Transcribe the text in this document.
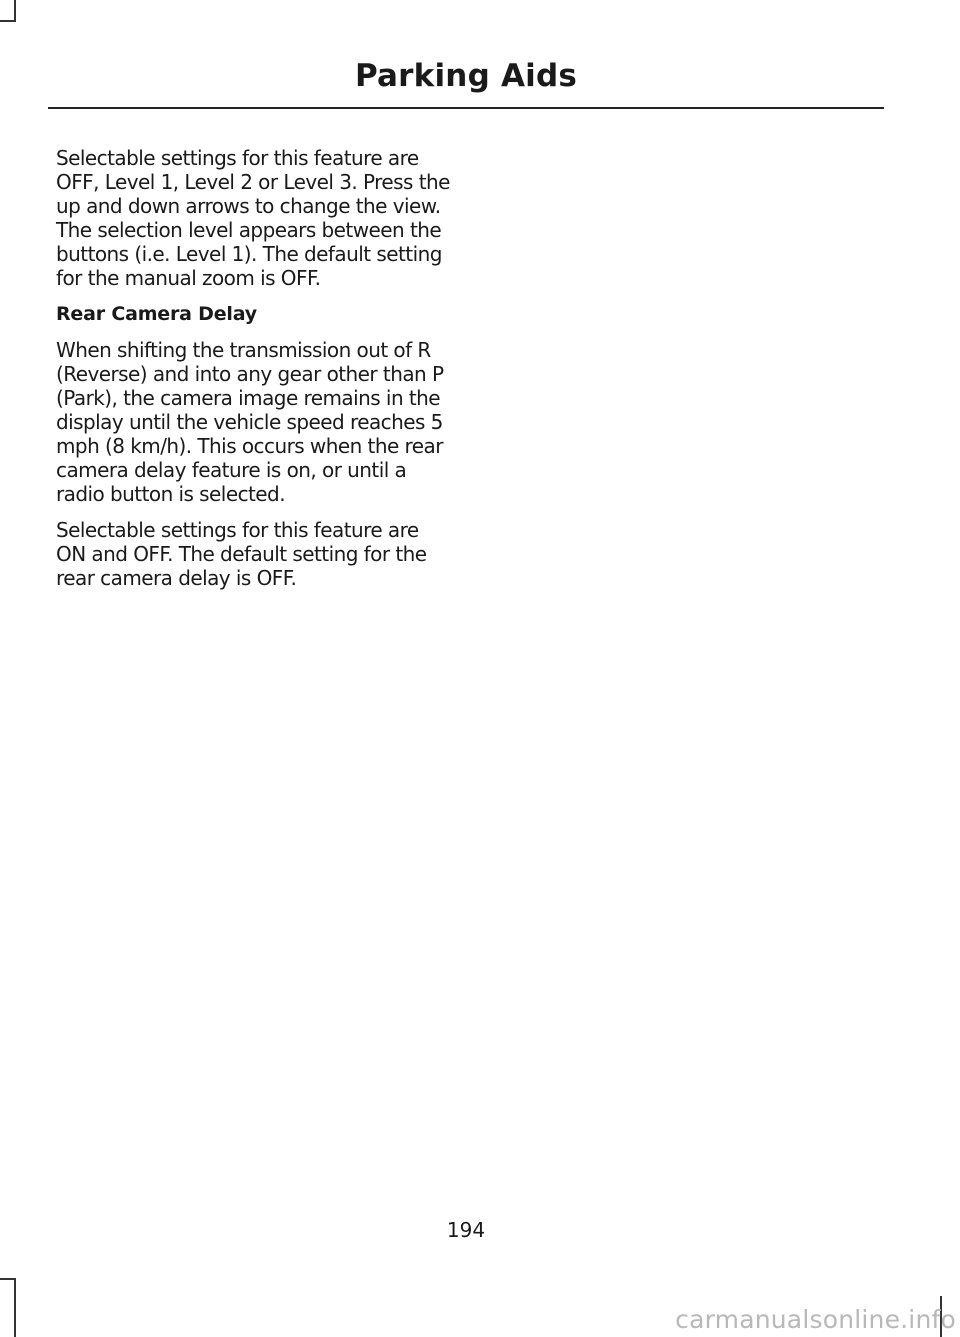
Parking Aids

Selectable settings for this feature are OFF, Level 1, Level 2 or Level 3. Press the up and down arrows to change the view. The selection level appears between the buttons (i.e. Level 1). The default setting for the manual zoom is OFF.

Rear Camera Delay

When shifting the transmission out of R (Reverse) and into any gear other than P (Park), the camera image remains in the display until the vehicle speed reaches 5 mph (8 km/h). This occurs when the rear camera delay feature is on, or until a radio button is selected.

Selectable settings for this feature are ON and OFF. The default setting for the rear camera delay is OFF.

194
carmanualsonline.info
